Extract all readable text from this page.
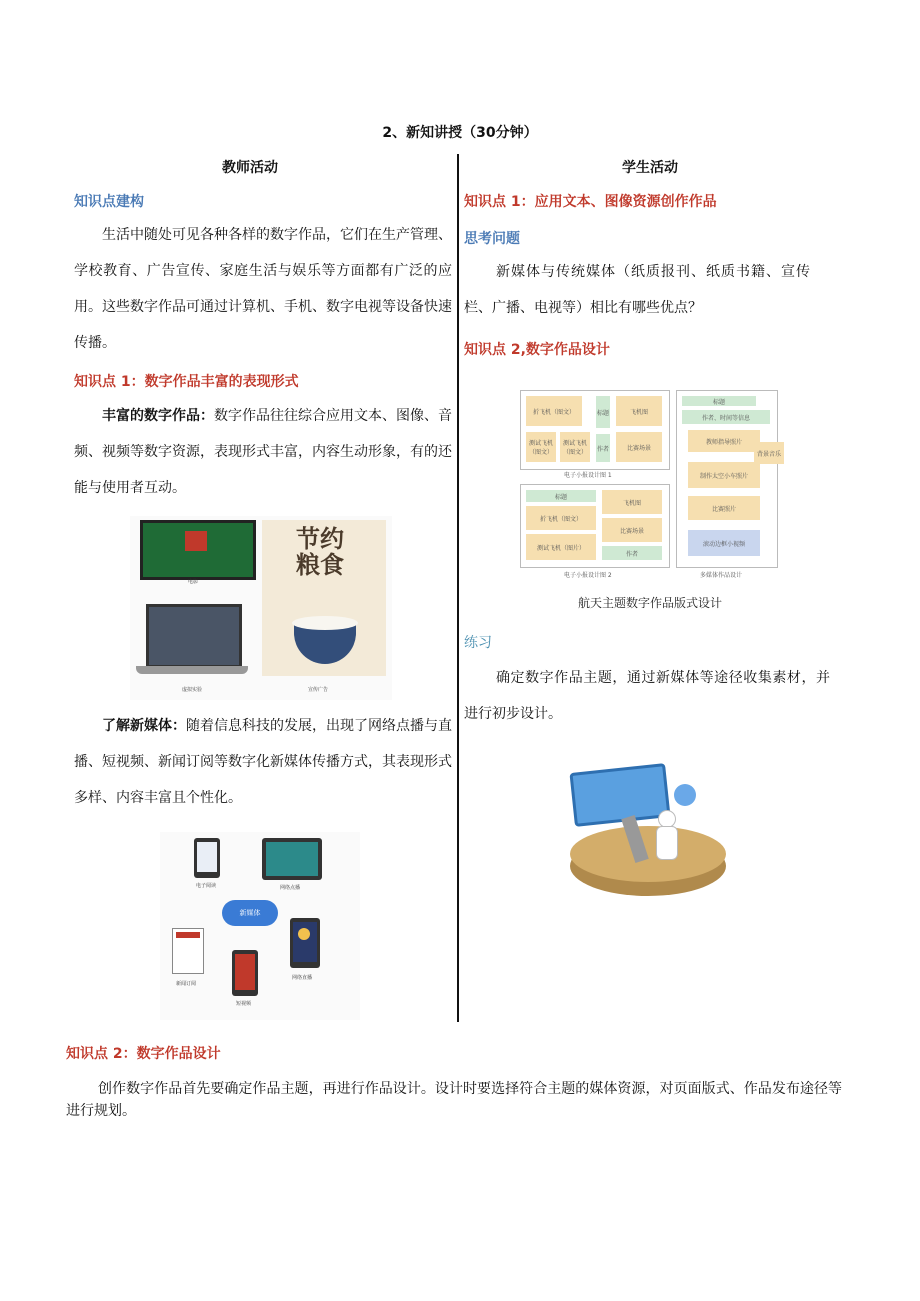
2、新知讲授（30分钟）
教师活动	学生活动
知识点建构
生活中随处可见各种各样的数字作品，它们在生产管理、学校教育、广告宣传、家庭生活与娱乐等方面都有广泛的应用。这些数字作品可通过计算机、手机、数字电视等设备快速传播。
知识点 1：数字作品丰富的表现形式
丰富的数字作品：数字作品往往综合应用文本、图像、音频、视频等数字资源，表现形式丰富，内容生动形象，有的还能与使用者互动。
电影
虚拟实验
节约
粮食
宣传广告
了解新媒体：随着信息科技的发展，出现了网络点播与直播、短视频、新闻订阅等数字化新媒体传播方式，其表现形式多样、内容丰富且个性化。
电子阅读	网络点播
新媒体
新闻订阅
短视频
网络直播
知识点 1：应用文本、图像资源创作作品
思考问题
新媒体与传统媒体（纸质报刊、纸质书籍、宣传栏、广播、电视等）相比有哪些优点？
知识点 2,数字作品设计
折飞机（图文）
测试飞机（图文）
测试飞机（图文）
标题
作者
飞机图
比赛场景
电子小报设计图 1
标题
折飞机（图文）
测试飞机（图片）
飞机图
比赛场景
作者
电子小报设计图 2
标题
作者、时间等信息
教师指导照片
背景音乐
制作太空小车照片
比赛照片
滚动边框小视频
多媒体作品设计
航天主题数字作品版式设计
练习
确定数字作品主题，通过新媒体等途径收集素材，并进行初步设计。
知识点 2：数字作品设计
创作数字作品首先要确定作品主题，再进行作品设计。设计时要选择符合主题的媒体资源，对页面版式、作品发布途径等进行规划。
